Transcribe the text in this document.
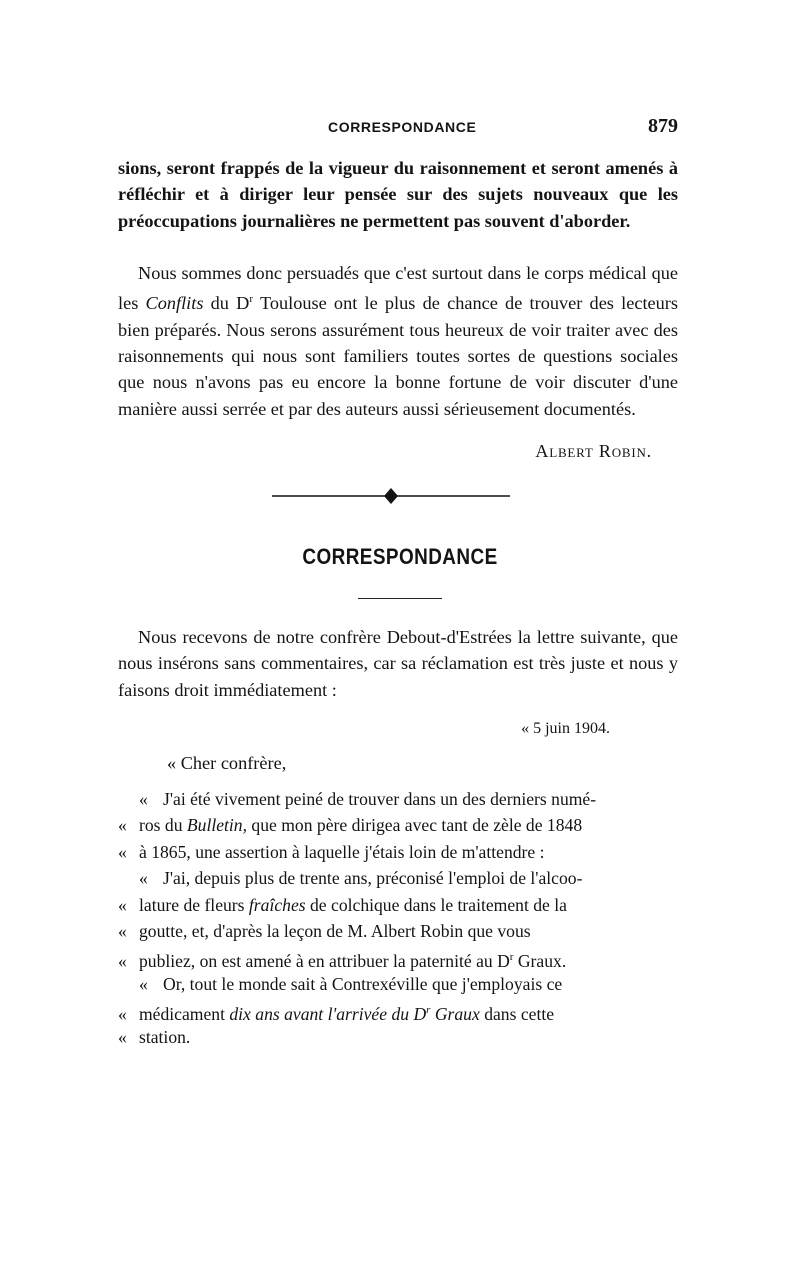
CORRESPONDANCE	879

sions, seront frappés de la vigueur du raisonnement et seront amenés à réfléchir et à diriger leur pensée sur des sujets nouveaux que les préoccupations journalières ne permettent pas souvent d'aborder.

Nous sommes donc persuadés que c'est surtout dans le corps médical que les Conflits du $D^r$ Toulouse ont le plus de chance de trouver des lecteurs bien préparés. Nous serons assurément tous heureux de voir traiter avec des raisonnements qui nous sont familiers toutes sortes de questions sociales que nous n'avons pas eu encore la bonne fortune de voir discuter d'une manière aussi serrée et par des auteurs aussi sérieusement documentés.

Albert Robin.
CORRESPONDANCE

Nous recevons de notre confrère Debout-d'Estrées la lettre suivante, que nous insérons sans commentaires, car sa réclamation est très juste et nous y faisons droit immédiatement :

« 5 juin 1904.
« Cher confrère,
« J'ai été vivement peiné de trouver dans un des derniers numé-
« ros du Bulletin, que mon père dirigea avec tant de zèle de 1848
« à 1865, une assertion à laquelle j'étais loin de m'attendre :
« J'ai, depuis plus de trente ans, préconisé l'emploi de l'alcoo-
« lature de fleurs fraîches de colchique dans le traitement de la
« goutte, et, d'après la leçon de M. Albert Robin que vous
« publiez, on est amené à en attribuer la paternité au $D^r$ Graux.
« Or, tout le monde sait à Contrexéville que j'employais ce
« médicament dix ans avant l'arrivée du $D^r$ Graux dans cette
« station.
